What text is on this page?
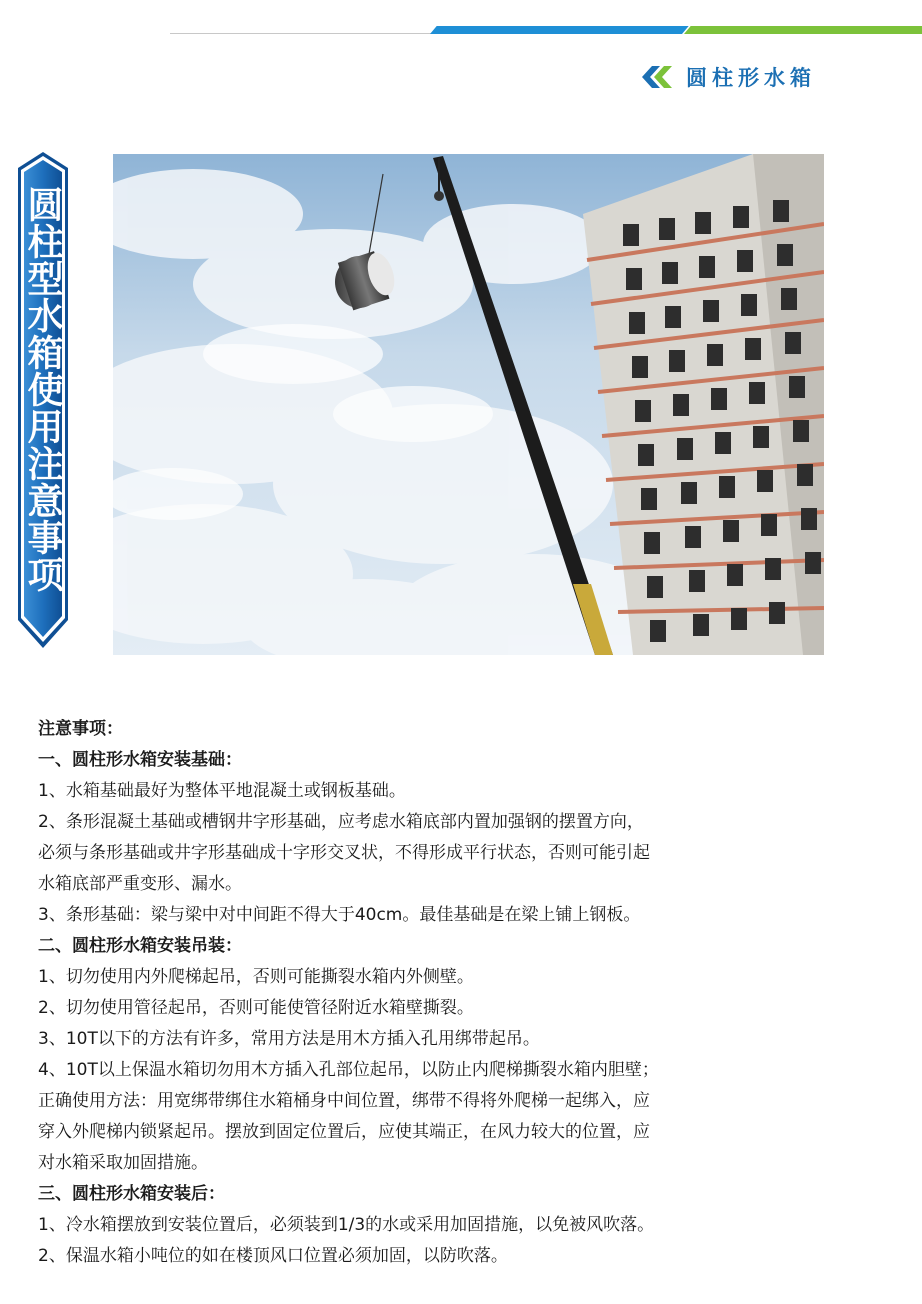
圆柱形水箱
圆柱型水箱使用注意事项

注意事项：

一、圆柱形水箱安装基础：

1、水箱基础最好为整体平地混凝土或钢板基础。

2、条形混凝土基础或槽钢井字形基础，应考虑水箱底部内置加强钢的摆置方向，

必须与条形基础或井字形基础成十字形交叉状，不得形成平行状态，否则可能引起

水箱底部严重变形、漏水。

3、条形基础：梁与梁中对中间距不得大于40cm。最佳基础是在梁上铺上钢板。

二、圆柱形水箱安装吊装：

1、切勿使用内外爬梯起吊，否则可能撕裂水箱内外侧壁。

2、切勿使用管径起吊，否则可能使管径附近水箱壁撕裂。

3、10T以下的方法有许多，常用方法是用木方插入孔用绑带起吊。

4、10T以上保温水箱切勿用木方插入孔部位起吊，以防止内爬梯撕裂水箱内胆壁；

正确使用方法：用宽绑带绑住水箱桶身中间位置，绑带不得将外爬梯一起绑入，应

穿入外爬梯内锁紧起吊。摆放到固定位置后，应使其端正，在风力较大的位置，应

对水箱采取加固措施。

三、圆柱形水箱安装后：

1、冷水箱摆放到安装位置后，必须装到1/3的水或采用加固措施，以免被风吹落。

2、保温水箱小吨位的如在楼顶风口位置必须加固，以防吹落。
